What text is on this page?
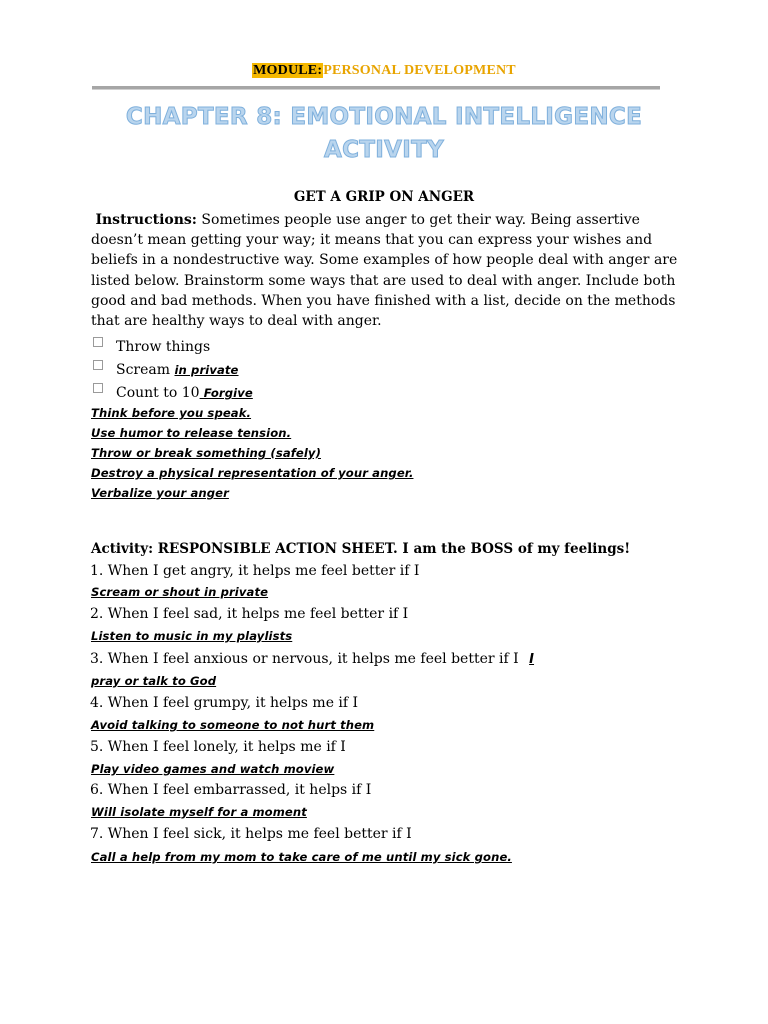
MODULE:PERSONAL DEVELOPMENT
CHAPTER 8: EMOTIONAL INTELLIGENCE
ACTIVITY
GET A GRIP ON ANGER
Instructions: Sometimes people use anger to get their way. Being assertive doesn’t mean getting your way; it means that you can express your wishes and beliefs in a nondestructive way. Some examples of how people deal with anger are listed below. Brainstorm some ways that are used to deal with anger. Include both good and bad methods. When you have finished with a list, decide on the methods that are healthy ways to deal with anger.
Throw things
Scream in private
Count to 10 Forgive
Think before you speak.
Use humor to release tension.
Throw or break something (safely)
Destroy a physical representation of your anger.
Verbalize your anger
Activity: RESPONSIBLE ACTION SHEET. I am the BOSS of my feelings!
1. When I get angry, it helps me feel better if I
Scream or shout in private
2. When I feel sad, it helps me feel better if I
Listen to music in my playlists
3. When I feel anxious or nervous, it helps me feel better if I I
pray or talk to God
4. When I feel grumpy, it helps me if I
Avoid talking to someone to not hurt them
5. When I feel lonely, it helps me if I
Play video games and watch moview
6. When I feel embarrassed, it helps if I
Will isolate myself for a moment
7. When I feel sick, it helps me feel better if I
Call a help from my mom to take care of me until my sick gone.
